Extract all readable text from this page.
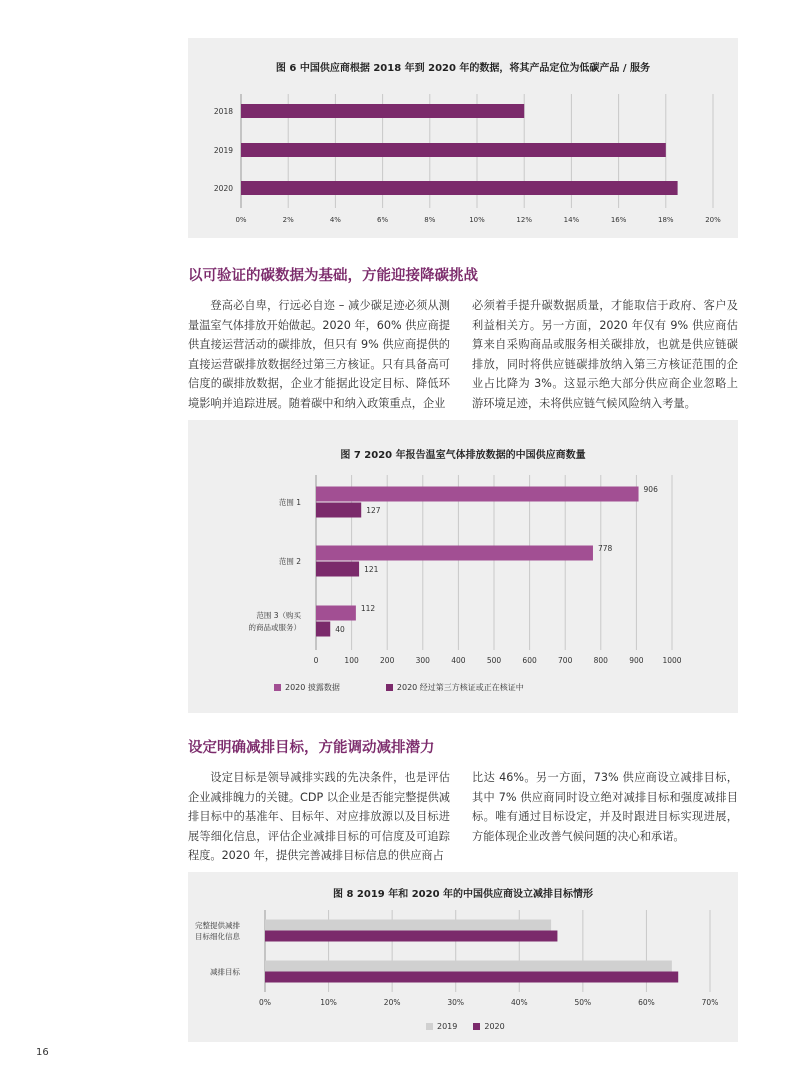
图 6 中国供应商根据 2018 年到 2020 年的数据，将其产品定位为低碳产品 / 服务
0%	2%	4%	6%	8%	10%	12%	14%	16%	18%	20%
2018
2019
2020
以可验证的碳数据为基础，方能迎接降碳挑战

登高必自卑，行远必自迩 – 减少碳足迹必须从测量温室气体排放开始做起。2020 年，60% 供应商提供直接运营活动的碳排放，但只有 9% 供应商提供的直接运营碳排放数据经过第三方核证。只有具备高可信度的碳排放数据，企业才能据此设定目标、降低环境影响并追踪进展。随着碳中和纳入政策重点，企业

必须着手提升碳数据质量，才能取信于政府、客户及利益相关方。另一方面，2020 年仅有 9% 供应商估算来自采购商品或服务相关碳排放，也就是供应链碳排放，同时将供应链碳排放纳入第三方核证范围的企业占比降为 3%。这显示绝大部分供应商企业忽略上游环境足迹，未将供应链气候风险纳入考量。

图 7 2020 年报告温室气体排放数据的中国供应商数量
0	100	200	300	400	500	600	700	800	900	1000
范围 1
906
127
范围 2
778
121
范围 3（购买
的商品或服务）
112
40
2020 披露数据	2020 经过第三方核证或正在核证中
设定明确减排目标，方能调动减排潜力

设定目标是领导减排实践的先决条件，也是评估企业减排魄力的关键。CDP 以企业是否能完整提供减排目标中的基准年、目标年、对应排放源以及目标进展等细化信息，评估企业减排目标的可信度及可追踪程度。2020 年，提供完善减排目标信息的供应商占

比达 46%。另一方面，73% 供应商设立减排目标，其中 7% 供应商同时设立绝对减排目标和强度减排目标。唯有通过目标设定，并及时跟进目标实现进展，方能体现企业改善气候问题的决心和承诺。

图 8 2019 年和 2020 年的中国供应商设立减排目标情形
0%	10%	20%	30%	40%	50%	60%	70%
完整提供减排
目标细化信息
减排目标
2019	2020
16
